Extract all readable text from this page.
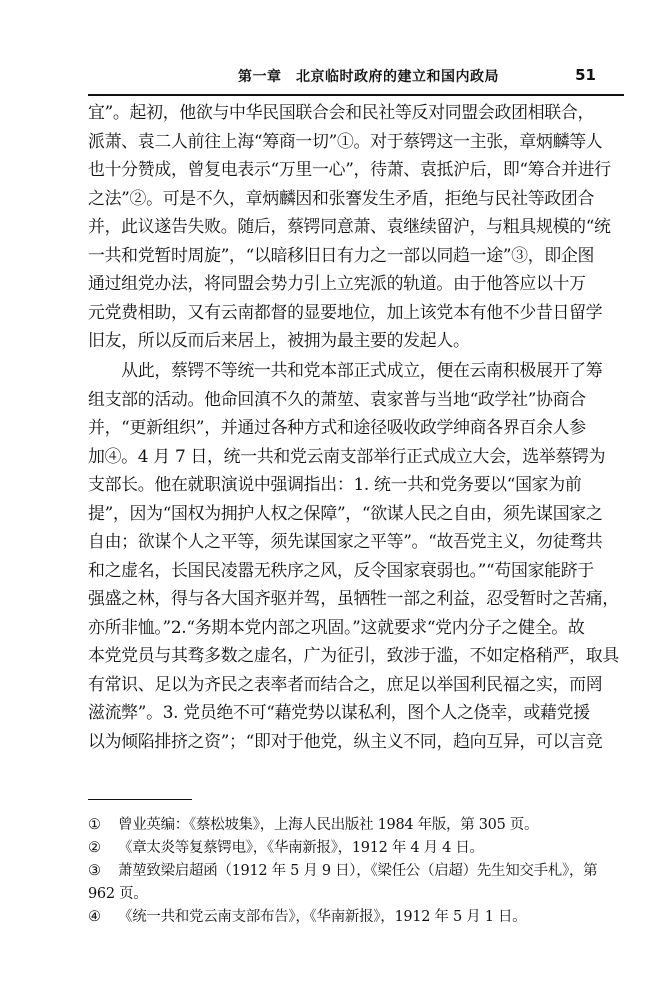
第一章　北京临时政府的建立和国内政局	51

宜”。起初，他欲与中华民国联合会和民社等反对同盟会政团相联合，
派萧、袁二人前往上海“筹商一切”①。对于蔡锷这一主张，章炳麟等人
也十分赞成，曾复电表示“万里一心”，待萧、袁抵沪后，即“筹合并进行
之法”②。可是不久，章炳麟因和张謇发生矛盾，拒绝与民社等政团合
并，此议遂告失败。随后，蔡锷同意萧、袁继续留沪，与粗具规模的“统
一共和党暂时周旋”，“以暗移旧日有力之一部以同趋一途”③，即企图
通过组党办法，将同盟会势力引上立宪派的轨道。由于他答应以十万
元党费相助，又有云南都督的显要地位，加上该党本有他不少昔日留学
旧友，所以反而后来居上，被拥为最主要的发起人。

　　从此，蔡锷不等统一共和党本部正式成立，便在云南积极展开了筹
组支部的活动。他命回滇不久的萧堃、袁家普与当地“政学社”协商合
并，“更新组织”，并通过各种方式和途径吸收政学绅商各界百余人参
加④。4 月 7 日，统一共和党云南支部举行正式成立大会，选举蔡锷为
支部长。他在就职演说中强调指出：1. 统一共和党务要以“国家为前
提”，因为“国权为拥护人权之保障”，“欲谋人民之自由，须先谋国家之
自由；欲谋个人之平等，须先谋国家之平等”。“故吾党主义，勿徒骛共
和之虚名，长国民凌嚣无秩序之风，反令国家衰弱也。”“苟国家能跻于
强盛之林，得与各大国齐驱并驾，虽牺牲一部之利益，忍受暂时之苦痛，
亦所非恤。”2.“务期本党内部之巩固。”这就要求“党内分子之健全。故
本党党员与其骛多数之虚名，广为征引，致涉于滥，不如定格稍严，取具
有常识、足以为齐民之表率者而结合之，庶足以举国利民福之实，而罔
滋流弊”。3. 党员绝不可“藉党势以谋私利，图个人之侥幸，或藉党援
以为倾陷排挤之资”；“即对于他党，纵主义不同，趋向互异，可以言竞

① 曾业英编：《蔡松坡集》，上海人民出版社 1984 年版，第 305 页。

② 《章太炎等复蔡锷电》，《华南新报》，1912 年 4 月 4 日。

③ 萧堃致梁启超函（1912 年 5 月 9 日），《梁任公（启超）先生知交手札》，第
962 页。

④ 《统一共和党云南支部布告》，《华南新报》，1912 年 5 月 1 日。
